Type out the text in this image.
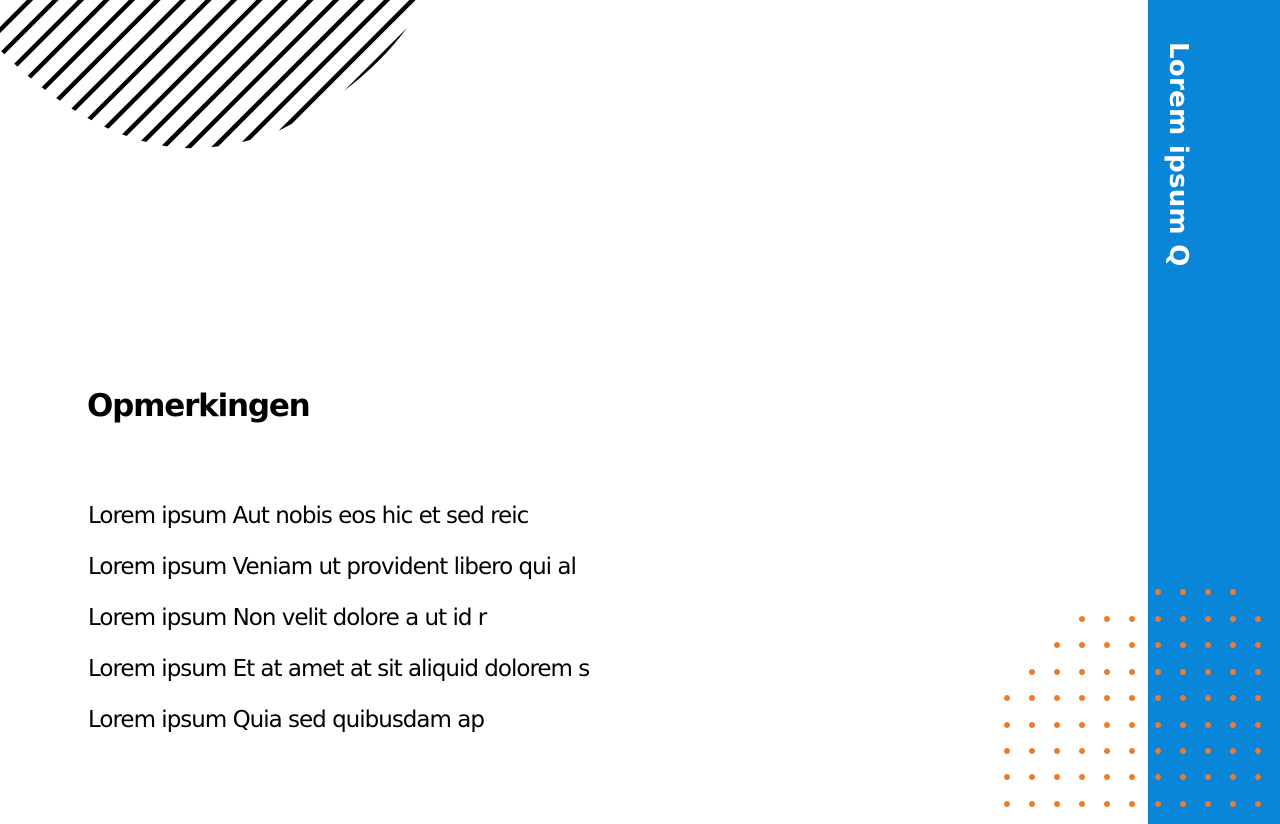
Lorem ipsum Q
Opmerkingen
Lorem ipsum Aut nobis eos hic et sed reic
Lorem ipsum Veniam ut provident libero qui al
Lorem ipsum Non velit dolore a ut id r
Lorem ipsum Et at amet at sit aliquid dolorem s
Lorem ipsum Quia sed quibusdam ap
